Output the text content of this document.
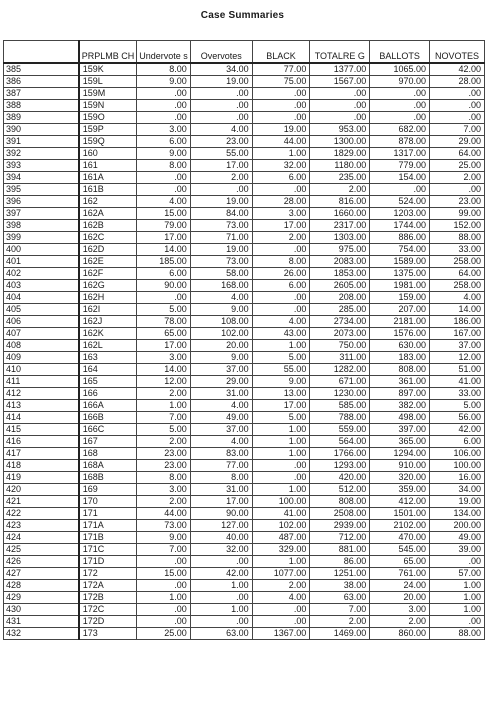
Case Summaries
	PRPLMB CH	Undervote s	Overvotes	BLACK	TOTALRE G	BALLOTS	NOVOTES
385	159K	8.00	34.00	77.00	1377.00	1065.00	42.00
386	159L	9.00	19.00	75.00	1567.00	970.00	28.00
387	159M	.00	.00	.00	.00	.00	.00
388	159N	.00	.00	.00	.00	.00	.00
389	159O	.00	.00	.00	.00	.00	.00
390	159P	3.00	4.00	19.00	953.00	682.00	7.00
391	159Q	6.00	23.00	44.00	1300.00	878.00	29.00
392	160	9.00	55.00	1.00	1829.00	1317.00	64.00
393	161	8.00	17.00	32.00	1180.00	779.00	25.00
394	161A	.00	2.00	6.00	235.00	154.00	2.00
395	161B	.00	.00	.00	2.00	.00	.00
396	162	4.00	19.00	28.00	816.00	524.00	23.00
397	162A	15.00	84.00	3.00	1660.00	1203.00	99.00
398	162B	79.00	73.00	17.00	2317.00	1744.00	152.00
399	162C	17.00	71.00	2.00	1303.00	886.00	88.00
400	162D	14.00	19.00	.00	975.00	754.00	33.00
401	162E	185.00	73.00	8.00	2083.00	1589.00	258.00
402	162F	6.00	58.00	26.00	1853.00	1375.00	64.00
403	162G	90.00	168.00	6.00	2605.00	1981.00	258.00
404	162H	.00	4.00	.00	208.00	159.00	4.00
405	162I	5.00	9.00	.00	285.00	207.00	14.00
406	162J	78.00	108.00	4.00	2734.00	2181.00	186.00
407	162K	65.00	102.00	43.00	2073.00	1576.00	167.00
408	162L	17.00	20.00	1.00	750.00	630.00	37.00
409	163	3.00	9.00	5.00	311.00	183.00	12.00
410	164	14.00	37.00	55.00	1282.00	808.00	51.00
411	165	12.00	29.00	9.00	671.00	361.00	41.00
412	166	2.00	31.00	13.00	1230.00	897.00	33.00
413	166A	1.00	4.00	17.00	585.00	382.00	5.00
414	166B	7.00	49.00	5.00	788.00	498.00	56.00
415	166C	5.00	37.00	1.00	559.00	397.00	42.00
416	167	2.00	4.00	1.00	564.00	365.00	6.00
417	168	23.00	83.00	1.00	1766.00	1294.00	106.00
418	168A	23.00	77.00	.00	1293.00	910.00	100.00
419	168B	8.00	8.00	.00	420.00	320.00	16.00
420	169	3.00	31.00	1.00	512.00	359.00	34.00
421	170	2.00	17.00	100.00	808.00	412.00	19.00
422	171	44.00	90.00	41.00	2508.00	1501.00	134.00
423	171A	73.00	127.00	102.00	2939.00	2102.00	200.00
424	171B	9.00	40.00	487.00	712.00	470.00	49.00
425	171C	7.00	32.00	329.00	881.00	545.00	39.00
426	171D	.00	.00	1.00	86.00	65.00	.00
427	172	15.00	42.00	1077.00	1251.00	761.00	57.00
428	172A	.00	1.00	2.00	38.00	24.00	1.00
429	172B	1.00	.00	4.00	63.00	20.00	1.00
430	172C	.00	1.00	.00	7.00	3.00	1.00
431	172D	.00	.00	.00	2.00	2.00	.00
432	173	25.00	63.00	1367.00	1469.00	860.00	88.00
